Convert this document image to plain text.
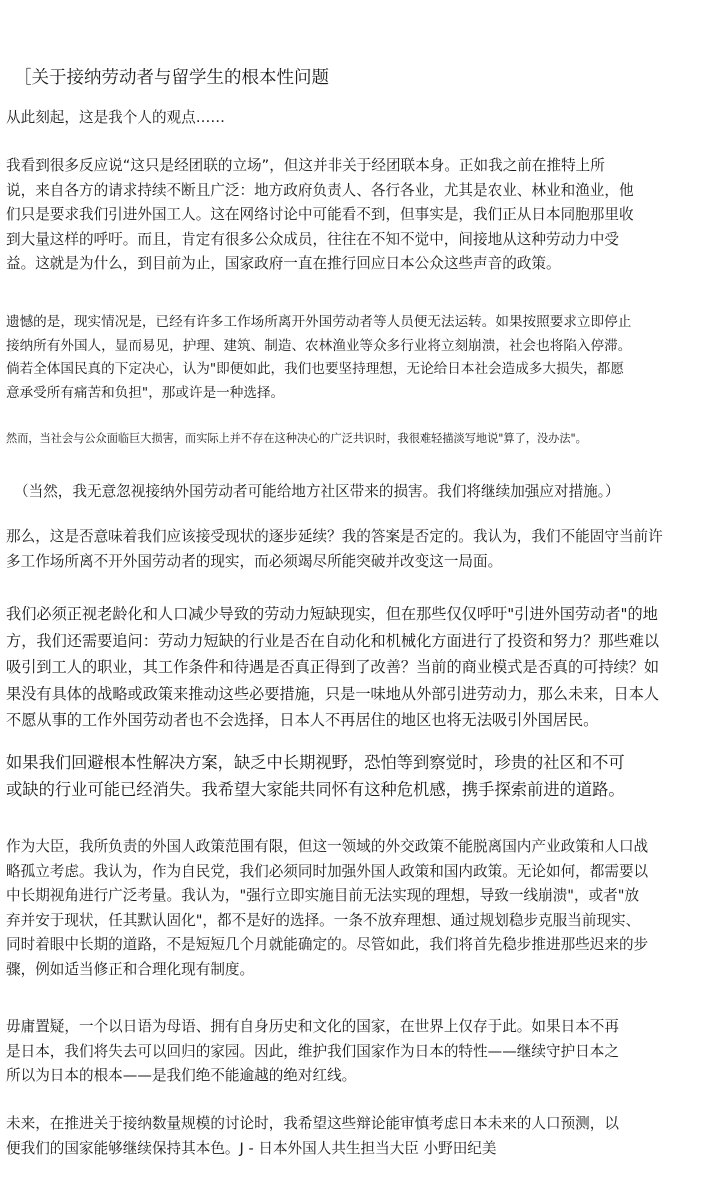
［关于接纳劳动者与留学生的根本性问题

从此刻起，这是我个人的观点……

我看到很多反应说“这只是经团联的立场”，但这并非关于经团联本身。正如我之前在推特上所
说，来自各方的请求持续不断且广泛：地方政府负责人、各行各业，尤其是农业、林业和渔业，他
们只是要求我们引进外国工人。这在网络讨论中可能看不到，但事实是，我们正从日本同胞那里收
到大量这样的呼吁。而且，肯定有很多公众成员，往往在不知不觉中，间接地从这种劳动力中受
益。这就是为什么，到目前为止，国家政府一直在推行回应日本公众这些声音的政策。

遗憾的是，现实情况是，已经有许多工作场所离开外国劳动者等人员便无法运转。如果按照要求立即停止
接纳所有外国人，显而易见，护理、建筑、制造、农林渔业等众多行业将立刻崩溃，社会也将陷入停滞。
倘若全体国民真的下定决心，认为"即便如此，我们也要坚持理想，无论给日本社会造成多大损失，都愿
意承受所有痛苦和负担"，那或许是一种选择。

然而，当社会与公众面临巨大损害，而实际上并不存在这种决心的广泛共识时，我很难轻描淡写地说"算了，没办法"。

（当然，我无意忽视接纳外国劳动者可能给地方社区带来的损害。我们将继续加强应对措施。）

那么，这是否意味着我们应该接受现状的逐步延续？我的答案是否定的。我认为，我们不能固守当前许
多工作场所离不开外国劳动者的现实，而必须竭尽所能突破并改变这一局面。

我们必须正视老龄化和人口减少导致的劳动力短缺现实，但在那些仅仅呼吁"引进外国劳动者"的地
方，我们还需要追问：劳动力短缺的行业是否在自动化和机械化方面进行了投资和努力？那些难以
吸引到工人的职业，其工作条件和待遇是否真正得到了改善？当前的商业模式是否真的可持续？如
果没有具体的战略或政策来推动这些必要措施，只是一味地从外部引进劳动力，那么未来，日本人
不愿从事的工作外国劳动者也不会选择，日本人不再居住的地区也将无法吸引外国居民。

如果我们回避根本性解决方案，缺乏中长期视野，恐怕等到察觉时，珍贵的社区和不可
或缺的行业可能已经消失。我希望大家能共同怀有这种危机感，携手探索前进的道路。

作为大臣，我所负责的外国人政策范围有限，但这一领域的外交政策不能脱离国内产业政策和人口战
略孤立考虑。我认为，作为自民党，我们必须同时加强外国人政策和国内政策。无论如何，都需要以
中长期视角进行广泛考量。我认为，"强行立即实施目前无法实现的理想，导致一线崩溃"，或者"放
弃并安于现状，任其默认固化"，都不是好的选择。一条不放弃理想、通过规划稳步克服当前现实、
同时着眼中长期的道路，不是短短几个月就能确定的。尽管如此，我们将首先稳步推进那些迟来的步
骤，例如适当修正和合理化现有制度。

毋庸置疑，一个以日语为母语、拥有自身历史和文化的国家，在世界上仅存于此。如果日本不再
是日本，我们将失去可以回归的家园。因此，维护我们国家作为日本的特性——继续守护日本之
所以为日本的根本——是我们绝不能逾越的绝对红线。

未来，在推进关于接纳数量规模的讨论时，我希望这些辩论能审慎考虑日本未来的人口预测，以
便我们的国家能够继续保持其本色。J - 日本外国人共生担当大臣 小野田纪美
